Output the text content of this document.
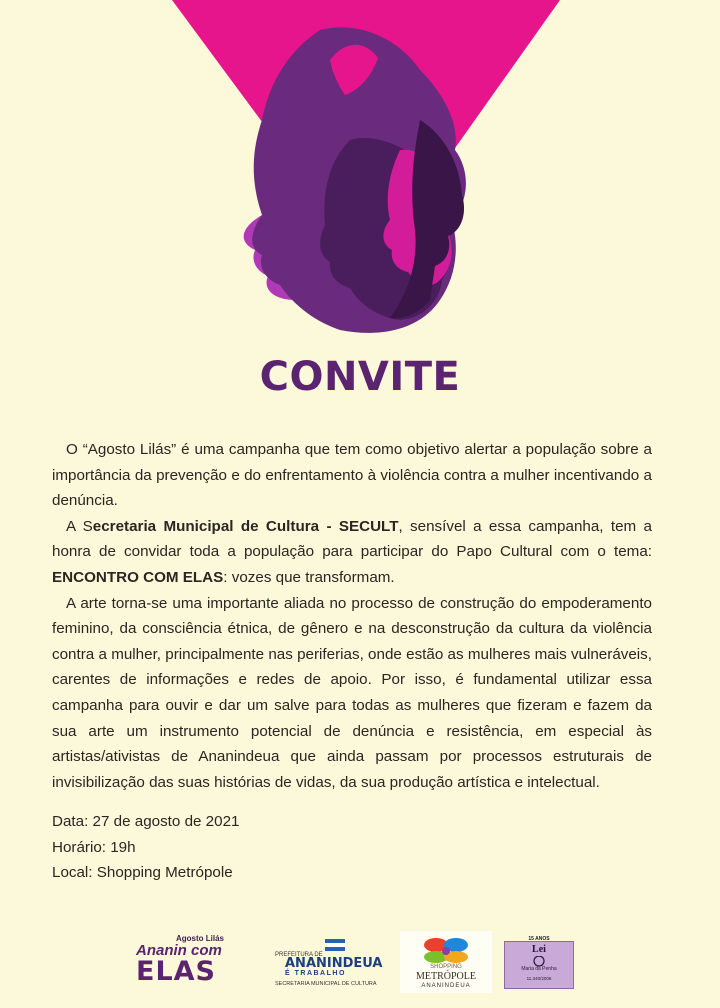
CONVITE

O “Agosto Lilás” é uma campanha que tem como objetivo alertar a população sobre a importância da prevenção e do enfrentamento à violência contra a mulher incentivando a denúncia.

A Secretaria Municipal de Cultura - SECULT, sensível a essa campanha, tem a honra de convidar toda a população para participar do Papo Cultural com o tema: ENCONTRO COM ELAS: vozes que transformam.

A arte torna-se uma importante aliada no processo de construção do empoderamento feminino, da consciência étnica, de gênero e na desconstrução da cultura da violência contra a mulher, principalmente nas periferias, onde estão as mulheres mais vulneráveis, carentes de informações e redes de apoio. Por isso, é fundamental utilizar essa campanha para ouvir e dar um salve para todas as mulheres que fizeram e fazem da sua arte um instrumento potencial de denúncia e resistência, em especial às artistas/ativistas de Ananindeua que ainda passam por processos estruturais de invisibilização das suas histórias de vidas, da sua produção artística e intelectual.

Data: 27 de agosto de 2021
Horário: 19h
Local: Shopping Metrópole
Agosto Lilás
Ananin com
ELAS
PREFEITURA DE
ANANINDEUA
É TRABALHO
SECRETARIA MUNICIPAL DE CULTURA
SHOPPING
METRÓPOLE
ANANINDEUA
15 ANOS
Lei
Maria da Penha
11.340/2006
